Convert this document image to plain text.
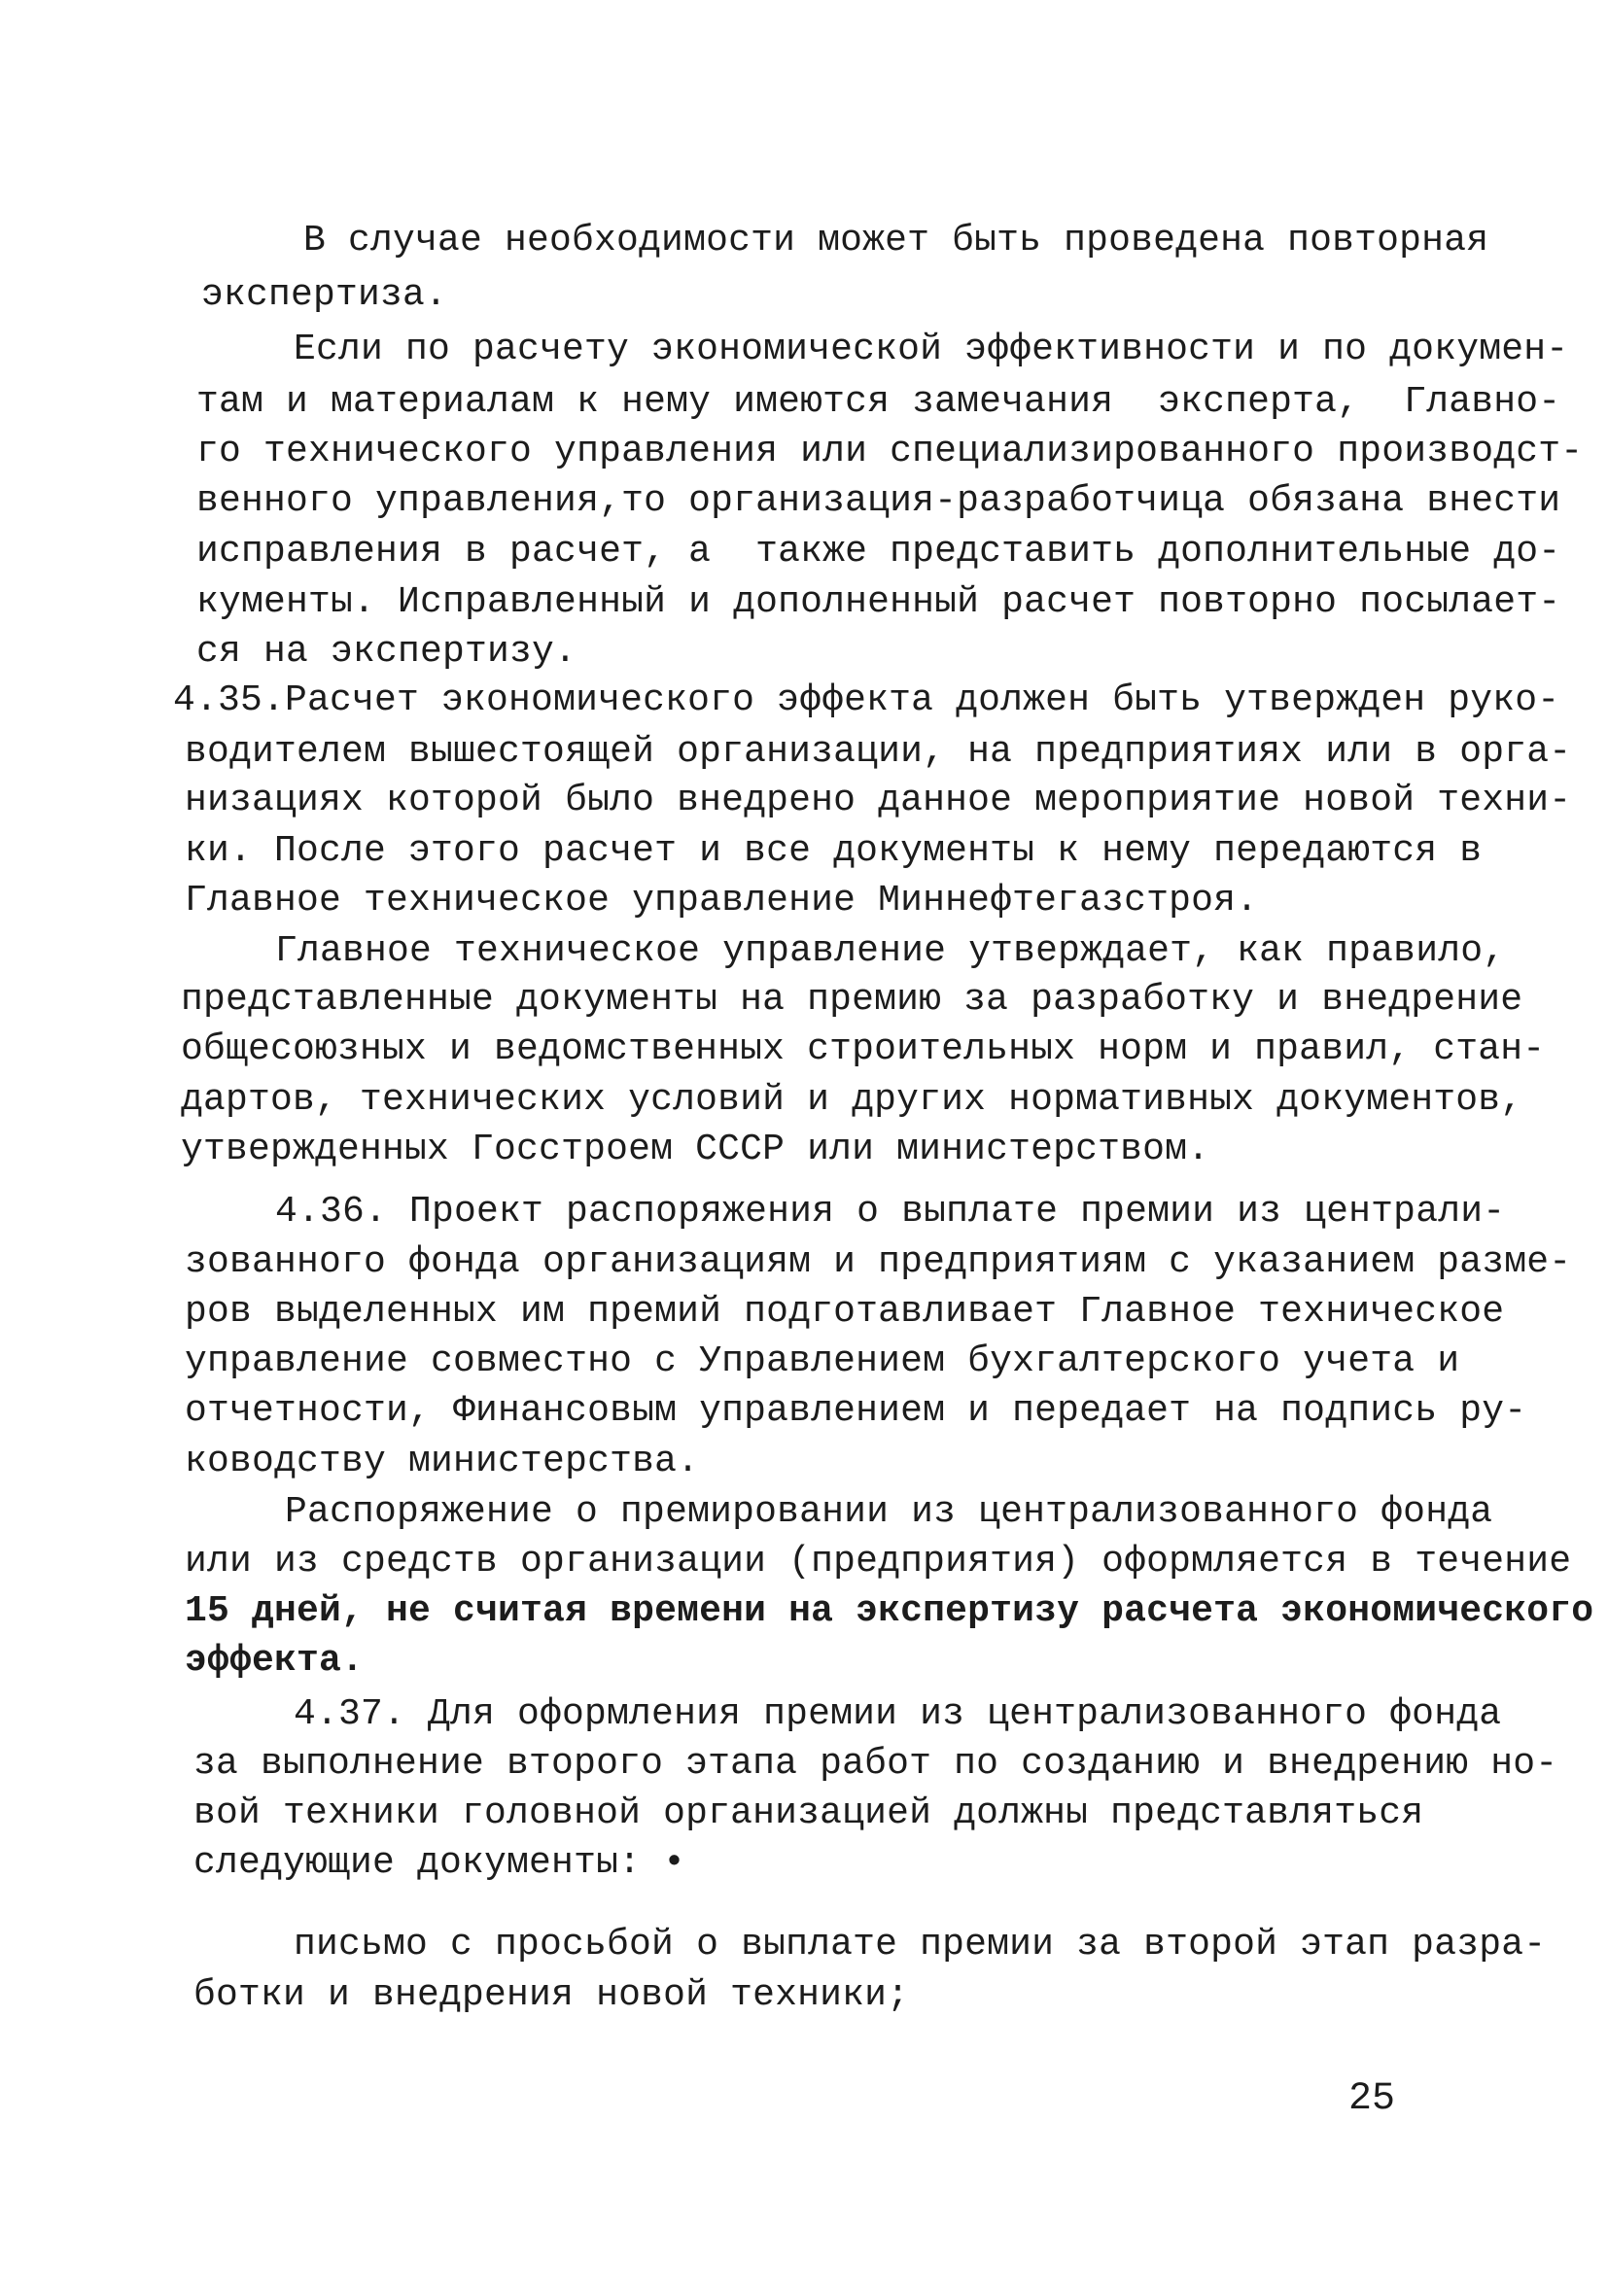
В случае необходимости может быть проведена повторная
экспертиза.
Если по расчету экономической эффективности и по докумен-
там и материалам к нему имеются замечания  эксперта,  Главно-
го технического управления или специализированного производст-
венного управления,то организация-разработчица обязана внести
исправления в расчет, а  также представить дополнительные до-
кументы. Исправленный и дополненный расчет повторно посылает-
ся на экспертизу.
4.35.Расчет экономического эффекта должен быть утвержден руко-
водителем вышестоящей организации, на предприятиях или в орга-
низациях которой было внедрено данное мероприятие новой техни-
ки. После этого расчет и все документы к нему передаются в
Главное техническое управление Миннефтегазстроя.
Главное техническое управление утверждает, как правило,
представленные документы на премию за разработку и внедрение
общесоюзных и ведомственных строительных норм и правил, стан-
дартов, технических условий и других нормативных документов,
утвержденных Госстроем СССР или министерством.
4.36. Проект распоряжения о выплате премии из централи-
зованного фонда организациям и предприятиям с указанием разме-
ров выделенных им премий подготавливает Главное техническое
управление совместно с Управлением бухгалтерского учета и
отчетности, Финансовым управлением и передает на подпись ру-
ководству министерства.
Распоряжение о премировании из централизованного фонда
или из средств организации (предприятия) оформляется в течение
15 дней, не считая времени на экспертизу расчета экономического
эффекта.
4.37. Для оформления премии из централизованного фонда
за выполнение второго этапа работ по созданию и внедрению но-
вой техники головной организацией должны представляться
следующие документы: •
письмо с просьбой о выплате премии за второй этап разра-
ботки и внедрения новой техники;
25
